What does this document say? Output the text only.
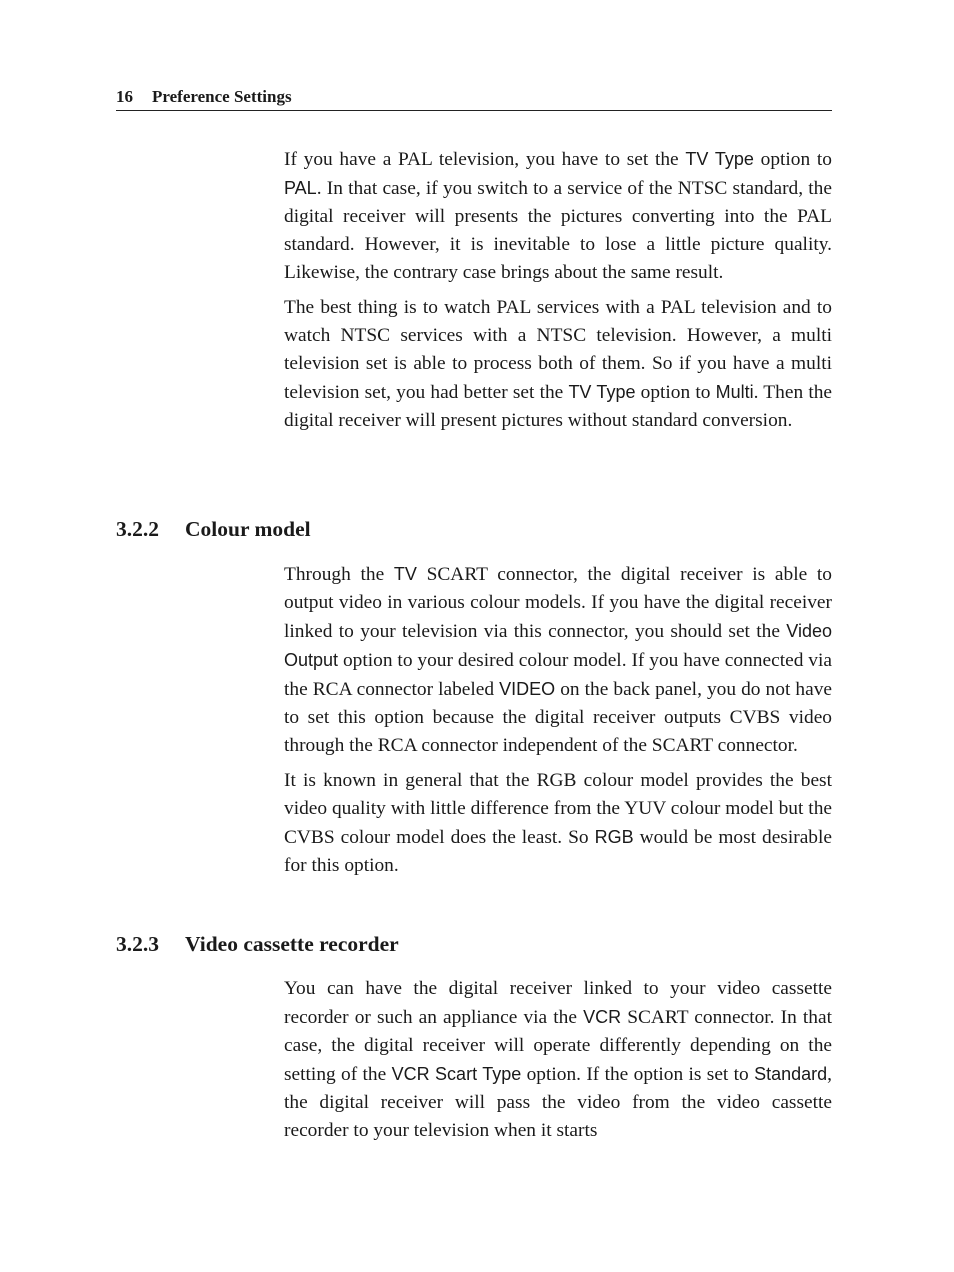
16 Preference Settings

If you have a PAL television, you have to set the TV Type option to PAL. In that case, if you switch to a service of the NTSC standard, the digital receiver will presents the pictures converting into the PAL standard. However, it is inevitable to lose a little picture quality. Likewise, the contrary case brings about the same result.

The best thing is to watch PAL services with a PAL television and to watch NTSC services with a NTSC television. However, a multi television set is able to process both of them. So if you have a multi television set, you had better set the TV Type option to Multi. Then the digital receiver will present pictures without standard conversion.

3.2.2 Colour model

Through the TV SCART connector, the digital receiver is able to output video in various colour models. If you have the digital receiver linked to your television via this connector, you should set the Video Output option to your desired colour model. If you have connected via the RCA connector labeled VIDEO on the back panel, you do not have to set this option because the digital receiver outputs CVBS video through the RCA connector independent of the SCART connector.

It is known in general that the RGB colour model provides the best video quality with little difference from the YUV colour model but the CVBS colour model does the least. So RGB would be most desirable for this option.

3.2.3 Video cassette recorder

You can have the digital receiver linked to your video cassette recorder or such an appliance via the VCR SCART connector. In that case, the digital receiver will operate differently depending on the setting of the VCR Scart Type option. If the option is set to Standard, the digital receiver will pass the video from the video cassette recorder to your television when it starts
